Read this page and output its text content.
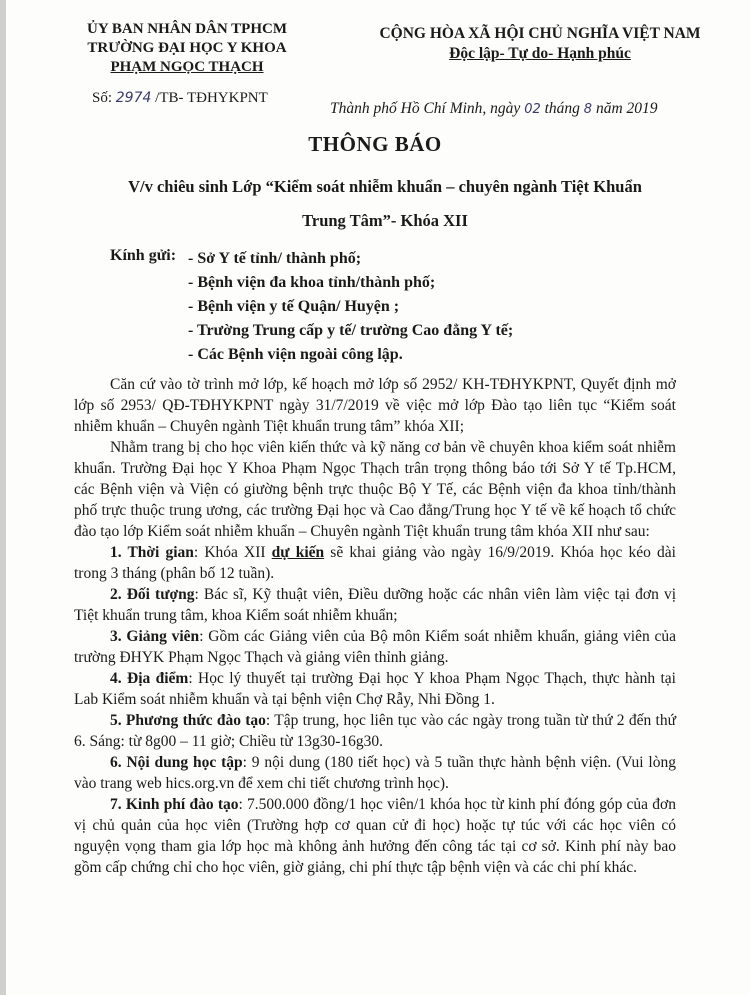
ỦY BAN NHÂN DÂN TPHCM
TRƯỜNG ĐẠI HỌC Y KHOA
PHẠM NGỌC THẠCH
CỘNG HÒA XÃ HỘI CHỦ NGHĨA VIỆT NAM
Độc lập- Tự do- Hạnh phúc
Số: 2974 /TB- TĐHYKPNT
Thành phố Hồ Chí Minh, ngày 02 tháng 8 năm 2019
THÔNG BÁO
V/v chiêu sinh Lớp “Kiểm soát nhiễm khuẩn – chuyên ngành Tiệt Khuẩn
Trung Tâm”- Khóa XII
Kính gửi: - Sở Y tế tỉnh/ thành phố;
- Bệnh viện đa khoa tỉnh/thành phố;
- Bệnh viện y tế Quận/ Huyện ;
- Trường Trung cấp y tế/ trường Cao đẳng Y tế;
- Các Bệnh viện ngoài công lập.

Căn cứ vào tờ trình mở lớp, kế hoạch mở lớp số 2952/ KH-TĐHYKPNT, Quyết định mở lớp số 2953/ QĐ-TĐHYKPNT ngày 31/7/2019 về việc mở lớp Đào tạo liên tục “Kiểm soát nhiễm khuẩn – Chuyên ngành Tiệt khuẩn trung tâm” khóa XII;

Nhằm trang bị cho học viên kiến thức và kỹ năng cơ bản về chuyên khoa kiểm soát nhiễm khuẩn. Trường Đại học Y Khoa Phạm Ngọc Thạch trân trọng thông báo tới Sở Y tế Tp.HCM, các Bệnh viện và Viện có giường bệnh trực thuộc Bộ Y Tế, các Bệnh viện đa khoa tỉnh/thành phố trực thuộc trung ương, các trường Đại học và Cao đẳng/Trung học Y tế về kế hoạch tổ chức đào tạo lớp Kiểm soát nhiễm khuẩn – Chuyên ngành Tiệt khuẩn trung tâm khóa XII như sau:

1. Thời gian: Khóa XII dự kiến sẽ khai giảng vào ngày 16/9/2019. Khóa học kéo dài trong 3 tháng (phân bố 12 tuần).

2. Đối tượng: Bác sĩ, Kỹ thuật viên, Điều dưỡng hoặc các nhân viên làm việc tại đơn vị Tiệt khuẩn trung tâm, khoa Kiểm soát nhiễm khuẩn;

3. Giảng viên: Gồm các Giảng viên của Bộ môn Kiểm soát nhiễm khuẩn, giảng viên của trường ĐHYK Phạm Ngọc Thạch và giảng viên thỉnh giảng.

4. Địa điểm: Học lý thuyết tại trường Đại học Y khoa Phạm Ngọc Thạch, thực hành tại Lab Kiểm soát nhiễm khuẩn và tại bệnh viện Chợ Rẫy, Nhi Đồng 1.

5. Phương thức đào tạo: Tập trung, học liên tục vào các ngày trong tuần từ thứ 2 đến thứ 6. Sáng: từ 8g00 – 11 giờ; Chiều từ 13g30-16g30.

6. Nội dung học tập: 9 nội dung (180 tiết học) và 5 tuần thực hành bệnh viện. (Vui lòng vào trang web hics.org.vn để xem chi tiết chương trình học).

7. Kinh phí đào tạo: 7.500.000 đồng/1 học viên/1 khóa học từ kinh phí đóng góp của đơn vị chủ quản của học viên (Trường hợp cơ quan cử đi học) hoặc tự túc với các học viên có nguyện vọng tham gia lớp học mà không ảnh hưởng đến công tác tại cơ sở. Kinh phí này bao gồm cấp chứng chỉ cho học viên, giờ giảng, chi phí thực tập bệnh viện và các chi phí khác.
